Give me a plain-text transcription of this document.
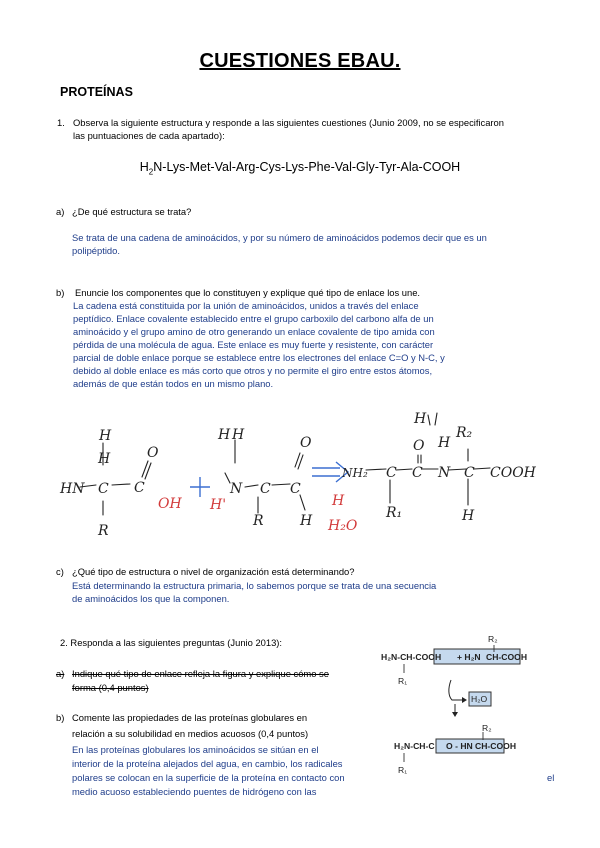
CUESTIONES EBAU.
PROTEÍNAS
1. Observa la siguiente estructura y responde a las siguientes cuestiones (Junio 2009, no se especificaron
las puntuaciones de cada apartado):
$H_2N-Lys-Met-Val-Arg-Cys-Lys-Phe-Val-Gly-Tyr-Ala$-COOH
a) ¿De qué estructura se trata?
Se trata de una cadena de aminoácidos, y por su número de aminoácidos podemos decir que es un
polipéptido.
b) Enuncie los componentes que lo constituyen y explique qué tipo de enlace los une.
La cadena está constituida por la unión de aminoácidos, unidos a través del enlace
peptídico. Enlace covalente establecido entre el grupo carboxilo del carbono alfa de un
aminoácido y el grupo amino de otro generando un enlace covalente de tipo amida con
pérdida de una molécula de agua. Este enlace es muy fuerte y resistente, con carácter
parcial de doble enlace porque se establece entre los electrones del enlace C=O y N-C, y
debido al doble enlace es más corto que otros y no permite el giro entre estos átomos,
además de que están todos en un mismo plano.
H
H
HN C C
R
O
H H
N C C
H
R
O
NH₂ C C N C COOH
O H
R₂
R₁	H
H
OH H'
H₂O
H
c) ¿Qué tipo de estructura o nivel de organización está determinando?
Está determinando la estructura primaria, lo sabemos porque se trata de una secuencia
de aminoácidos los que la componen.
2. Responda a las siguientes preguntas (Junio 2013):
a) Indique qué tipo de enlace refleja la figura y explique cómo se
forma (0,4 puntos)
b) Comente las propiedades de las proteínas globulares en
relación a su solubilidad en medios acuosos (0,4 puntos)
En las proteínas globulares los aminoácidos se sitúan en el
interior de la proteína alejados del agua, en cambio, los radicales
polares se colocan en la superficie de la proteína en contacto con
medio acuoso estableciendo puentes de hidrógeno con las
el
R₂
H₂N-CH-COOH + H₂N CH-COOH
R₁
H₂O
R₂
H₂N-CH-C O - HN CH-COOH
R₁
